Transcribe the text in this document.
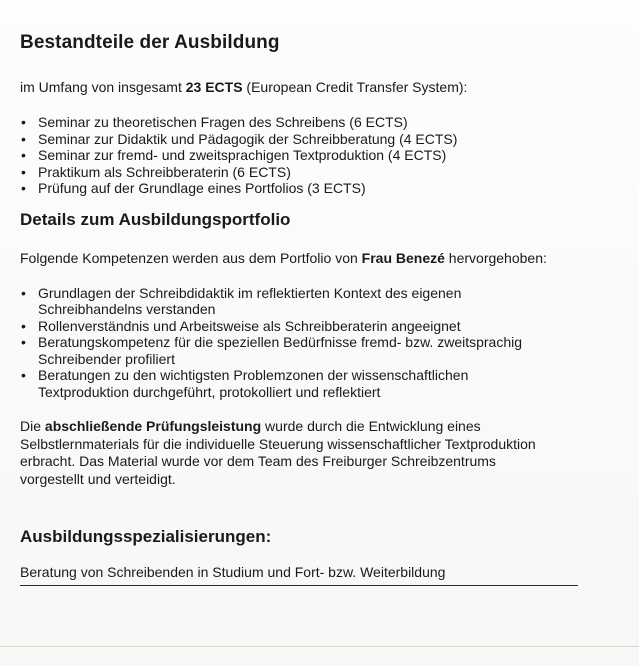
Bestandteile der Ausbildung

im Umfang von insgesamt 23 ECTS (European Credit Transfer System):

• Seminar zu theoretischen Fragen des Schreibens (6 ECTS)
• Seminar zur Didaktik und Pädagogik der Schreibberatung (4 ECTS)
• Seminar zur fremd- und zweitsprachigen Textproduktion (4 ECTS)
• Praktikum als Schreibberaterin (6 ECTS)
• Prüfung auf der Grundlage eines Portfolios (3 ECTS)
Details zum Ausbildungsportfolio

Folgende Kompetenzen werden aus dem Portfolio von Frau Benezé hervorgehoben:

• Grundlagen der Schreibdidaktik im reflektierten Kontext des eigenen
Schreibhandelns verstanden
• Rollenverständnis und Arbeitsweise als Schreibberaterin angeeignet
• Beratungskompetenz für die speziellen Bedürfnisse fremd- bzw. zweitsprachig
Schreibender profiliert
• Beratungen zu den wichtigsten Problemzonen der wissenschaftlichen
Textproduktion durchgeführt, protokolliert und reflektiert

Die abschließende Prüfungsleistung wurde durch die Entwicklung eines
Selbstlernmaterials für die individuelle Steuerung wissenschaftlicher Textproduktion
erbracht. Das Material wurde vor dem Team des Freiburger Schreibzentrums
vorgestellt und verteidigt.

Ausbildungsspezialisierungen:

Beratung von Schreibenden in Studium und Fort- bzw. Weiterbildung
